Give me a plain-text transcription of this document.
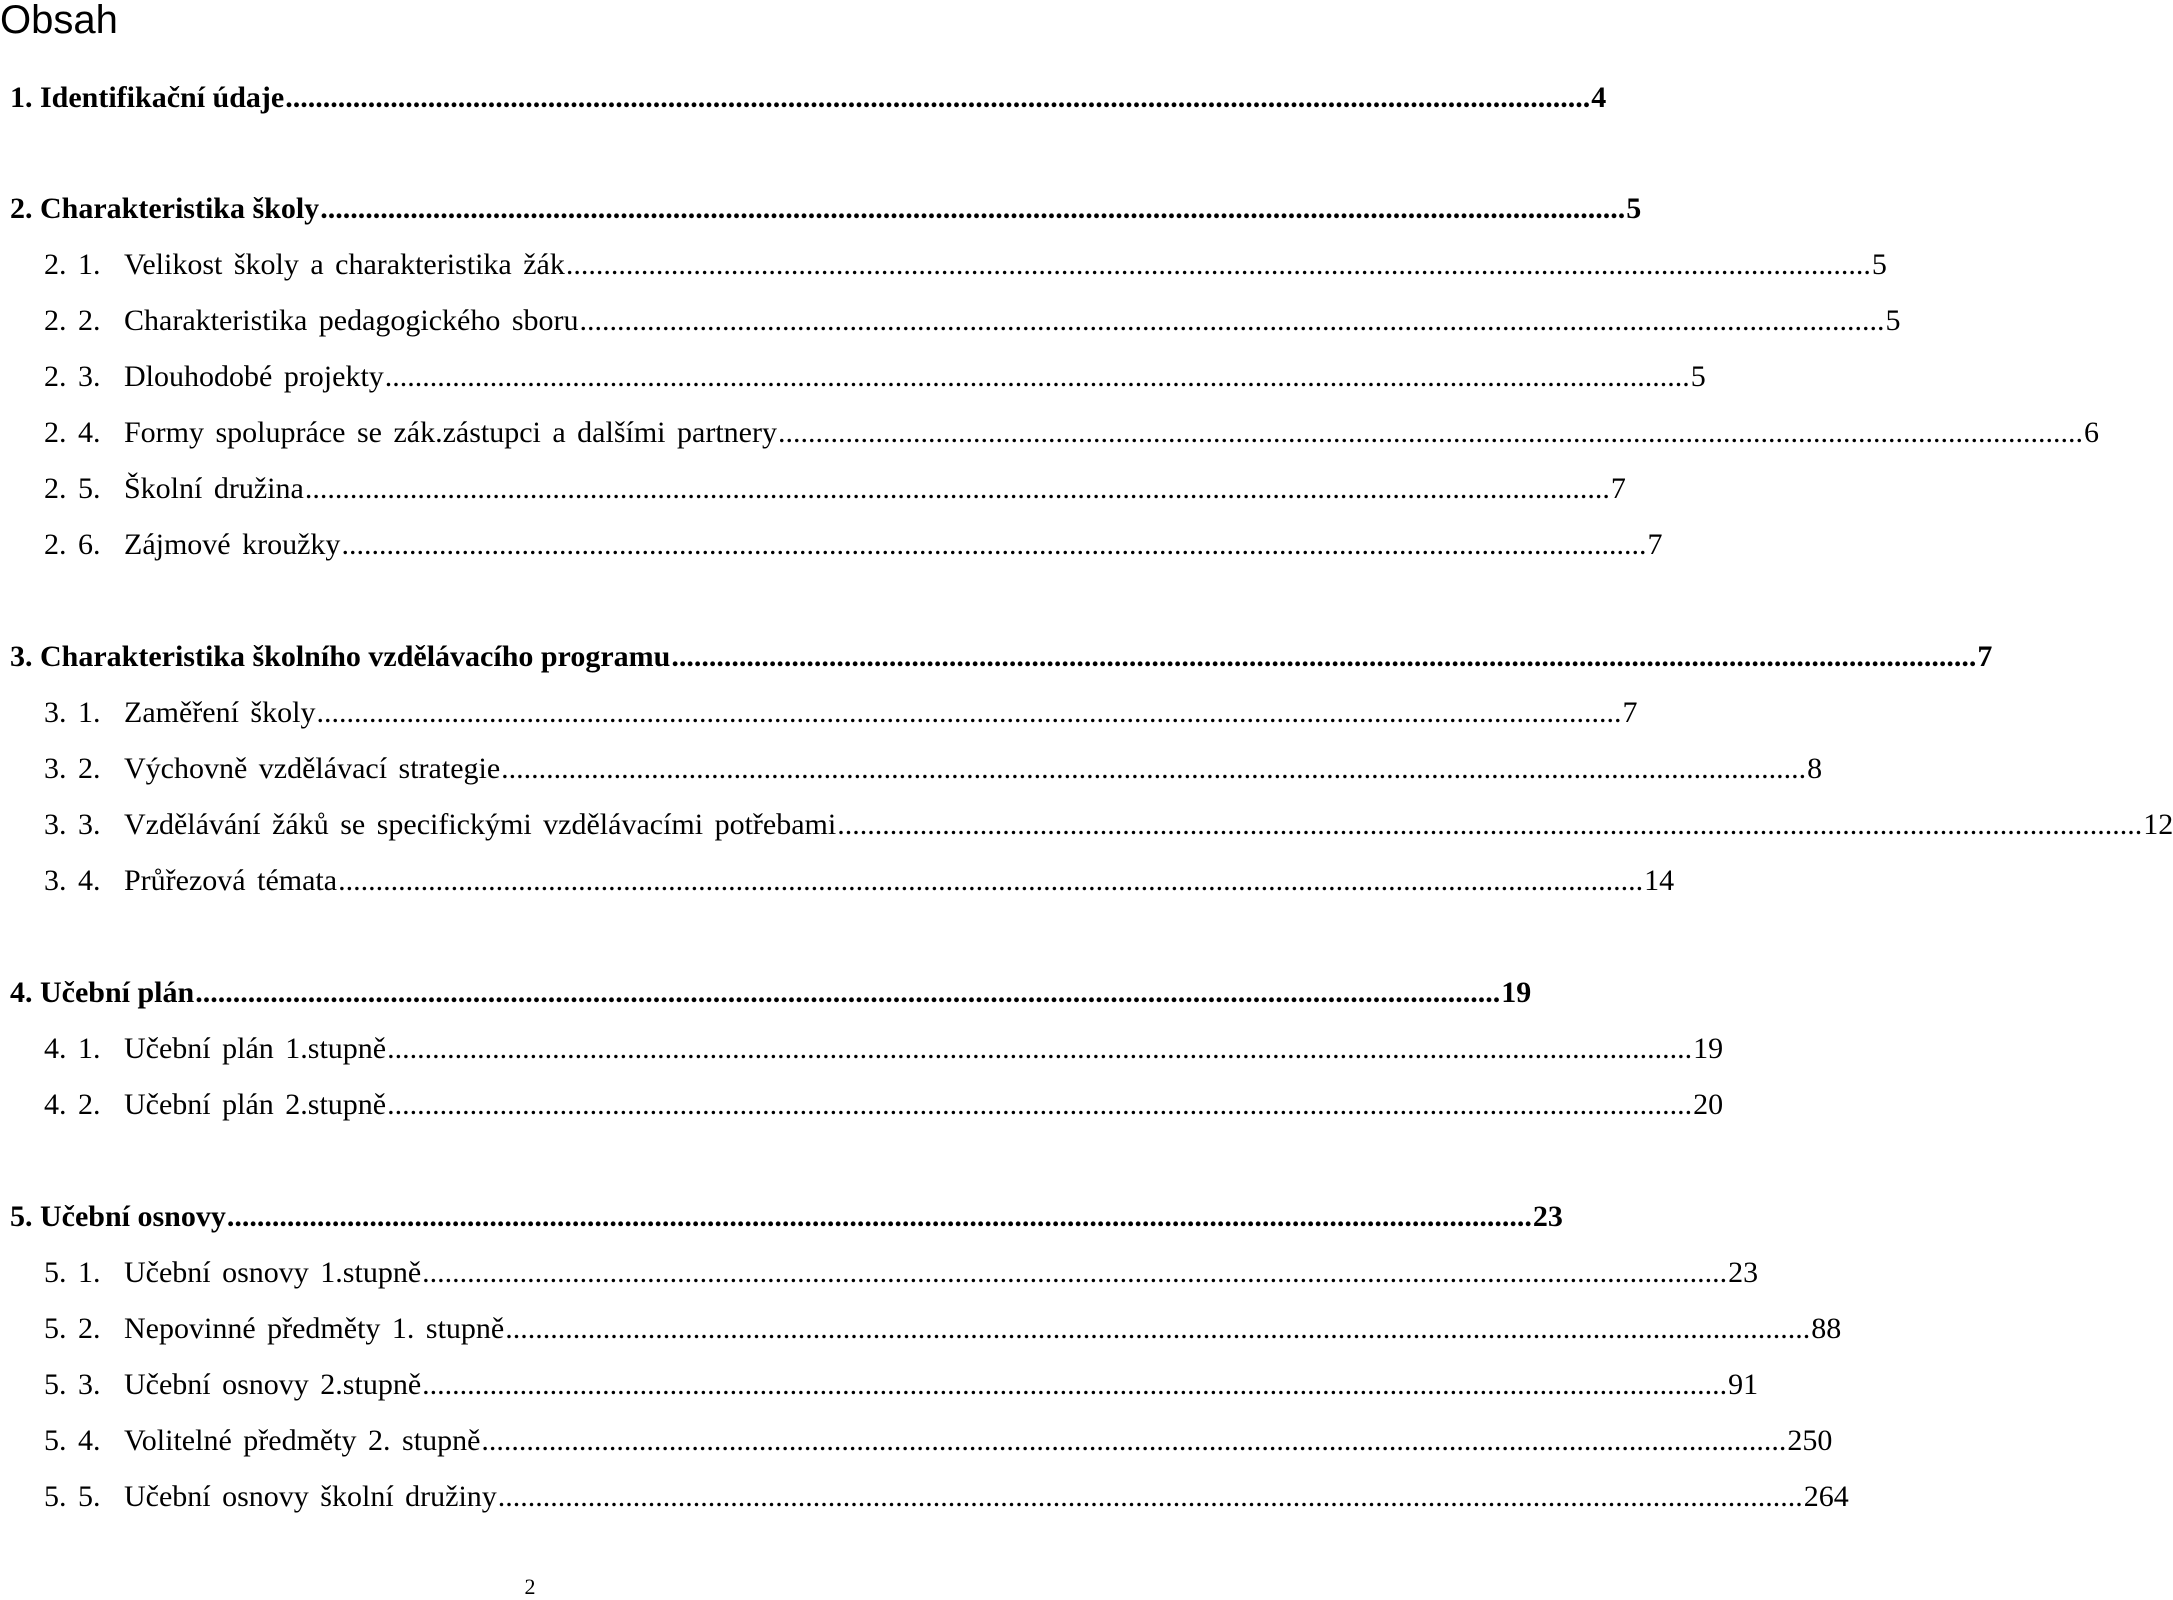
Obsah
1. Identifikační údaje .....	4
2. Charakteristika školy .....	5
2. 1. Velikost školy a charakteristika žák .....	5
2. 2. Charakteristika pedagogického sboru .....	5
2. 3. Dlouhodobé projekty .....	5
2. 4. Formy spolupráce se zák.zástupci a dalšími partnery .....	6
2. 5. Školní družina .....	7
2. 6. Zájmové kroužky .....	7
3. Charakteristika školního vzdělávacího programu .....	7
3. 1. Zaměření školy .....	7
3. 2. Výchovně vzdělávací strategie .....	8
3. 3. Vzdělávání žáků se specifickými vzdělávacími potřebami .....	12
3. 4. Průřezová témata .....	14
4. Učební plán .....	19
4. 1. Učební plán 1.stupně .....	19
4. 2. Učební plán 2.stupně .....	20
5. Učební osnovy .....	23
5. 1. Učební osnovy 1.stupně .....	23
5. 2. Nepovinné předměty 1. stupně .....	88
5. 3. Učební osnovy 2.stupně .....	91
5. 4. Volitelné předměty 2. stupně .....	250
5. 5. Učební osnovy školní družiny .....	264
2
